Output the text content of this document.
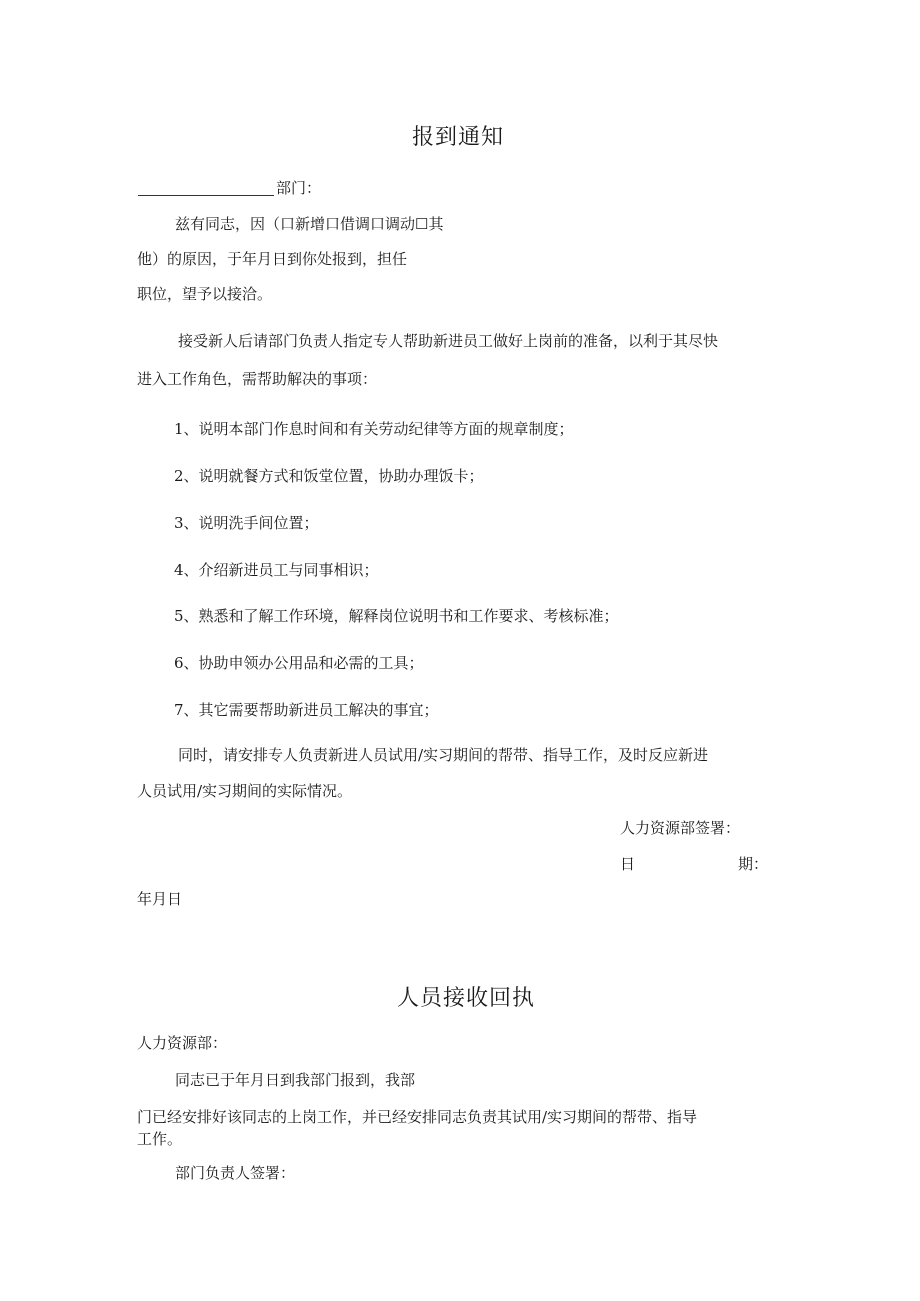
报到通知
部门：
兹有同志，因（口新增口借调口调动☐其
他）的原因，于年月日到你处报到，担任
职位，望予以接洽。
接受新人后请部门负责人指定专人帮助新进员工做好上岗前的准备，以利于其尽快
进入工作角色，需帮助解决的事项：
1、说明本部门作息时间和有关劳动纪律等方面的规章制度；
2、说明就餐方式和饭堂位置，协助办理饭卡；
3、说明洗手间位置；
4、介绍新进员工与同事相识；
5、熟悉和了解工作环境，解释岗位说明书和工作要求、考核标准；
6、协助申领办公用品和必需的工具；
7、其它需要帮助新进员工解决的事宜；
同时，请安排专人负责新进人员试用/实习期间的帮带、指导工作，及时反应新进
人员试用/实习期间的实际情况。
人力资源部签署：
日	期：
年月日
人员接收回执
人力资源部：
同志已于年月日到我部门报到，我部
门已经安排好该同志的上岗工作，并已经安排同志负责其试用/实习期间的帮带、指导
工作。
部门负责人签署：
